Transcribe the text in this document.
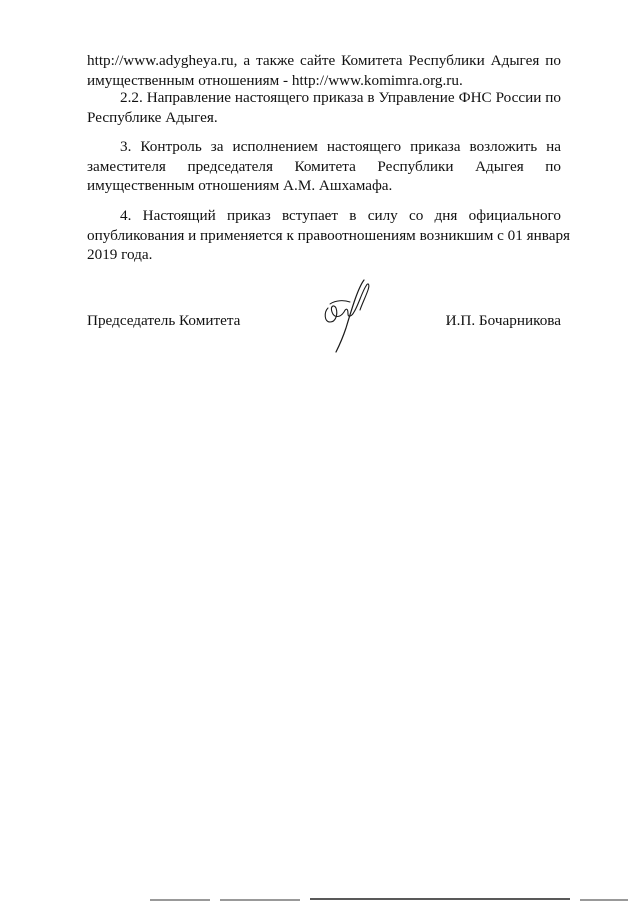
http://www.adygheya.ru, а также сайте Комитета Республики Адыгея по
имущественным отношениям - http://www.komimra.org.ru.

2.2. Направление настоящего приказа в Управление ФНС России по
Республике Адыгея.

3. Контроль за исполнением настоящего приказа возложить на
заместителя председателя Комитета Республики Адыгея по
имущественным отношениям А.М. Ашхамафа.

4. Настоящий приказ вступает в силу со дня официального
опубликования и применяется к правоотношениям возникшим с 01 января
2019 года.

Председатель Комитета	И.П. Бочарникова
